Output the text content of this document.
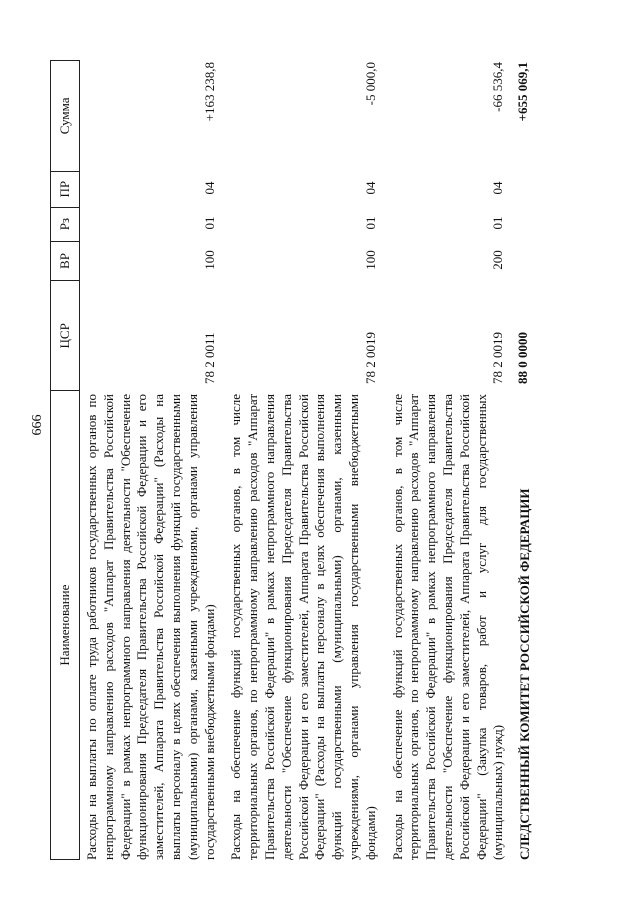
666
Наименование
ЦСР
ВР
Рз
ПР
Сумма
Расходы на выплаты по оплате труда работников государственных органов по непрограммному направлению расходов "Аппарат Правительства Российской Федерации" в рамках непрограммного направления деятельности "Обеспечение функционирования Председателя Правительства Российской Федерации и его заместителей, Аппарата Правительства Российской Федерации" (Расходы на выплаты персоналу в целях обеспечения выполнения функций государственными (муниципальными) органами, казенными учреждениями, органами управления государственными внебюджетными фондами)
78 2 0011
100
01
04
+163 238,8
Расходы на обеспечение функций государственных органов, в том числе территориальных органов, по непрограммному направлению расходов "Аппарат Правительства Российской Федерации" в рамках непрограммного направления деятельности "Обеспечение функционирования Председателя Правительства Российской Федерации и его заместителей, Аппарата Правительства Российской Федерации" (Расходы на выплаты персоналу в целях обеспечения выполнения функций государственными (муниципальными) органами, казенными учреждениями, органами управления государственными внебюджетными фондами)
78 2 0019
100
01
04
-5 000,0
Расходы на обеспечение функций государственных органов, в том числе территориальных органов, по непрограммному направлению расходов "Аппарат Правительства Российской Федерации" в рамках непрограммного направления деятельности "Обеспечение функционирования Председателя Правительства Российской Федерации и его заместителей, Аппарата Правительства Российской Федерации" (Закупка товаров, работ и услуг для государственных (муниципальных) нужд)
78 2 0019
200
01
04
-66 536,4
СЛЕДСТВЕННЫЙ КОМИТЕТ РОССИЙСКОЙ ФЕДЕРАЦИИ
88 0 0000
+655 069,1
